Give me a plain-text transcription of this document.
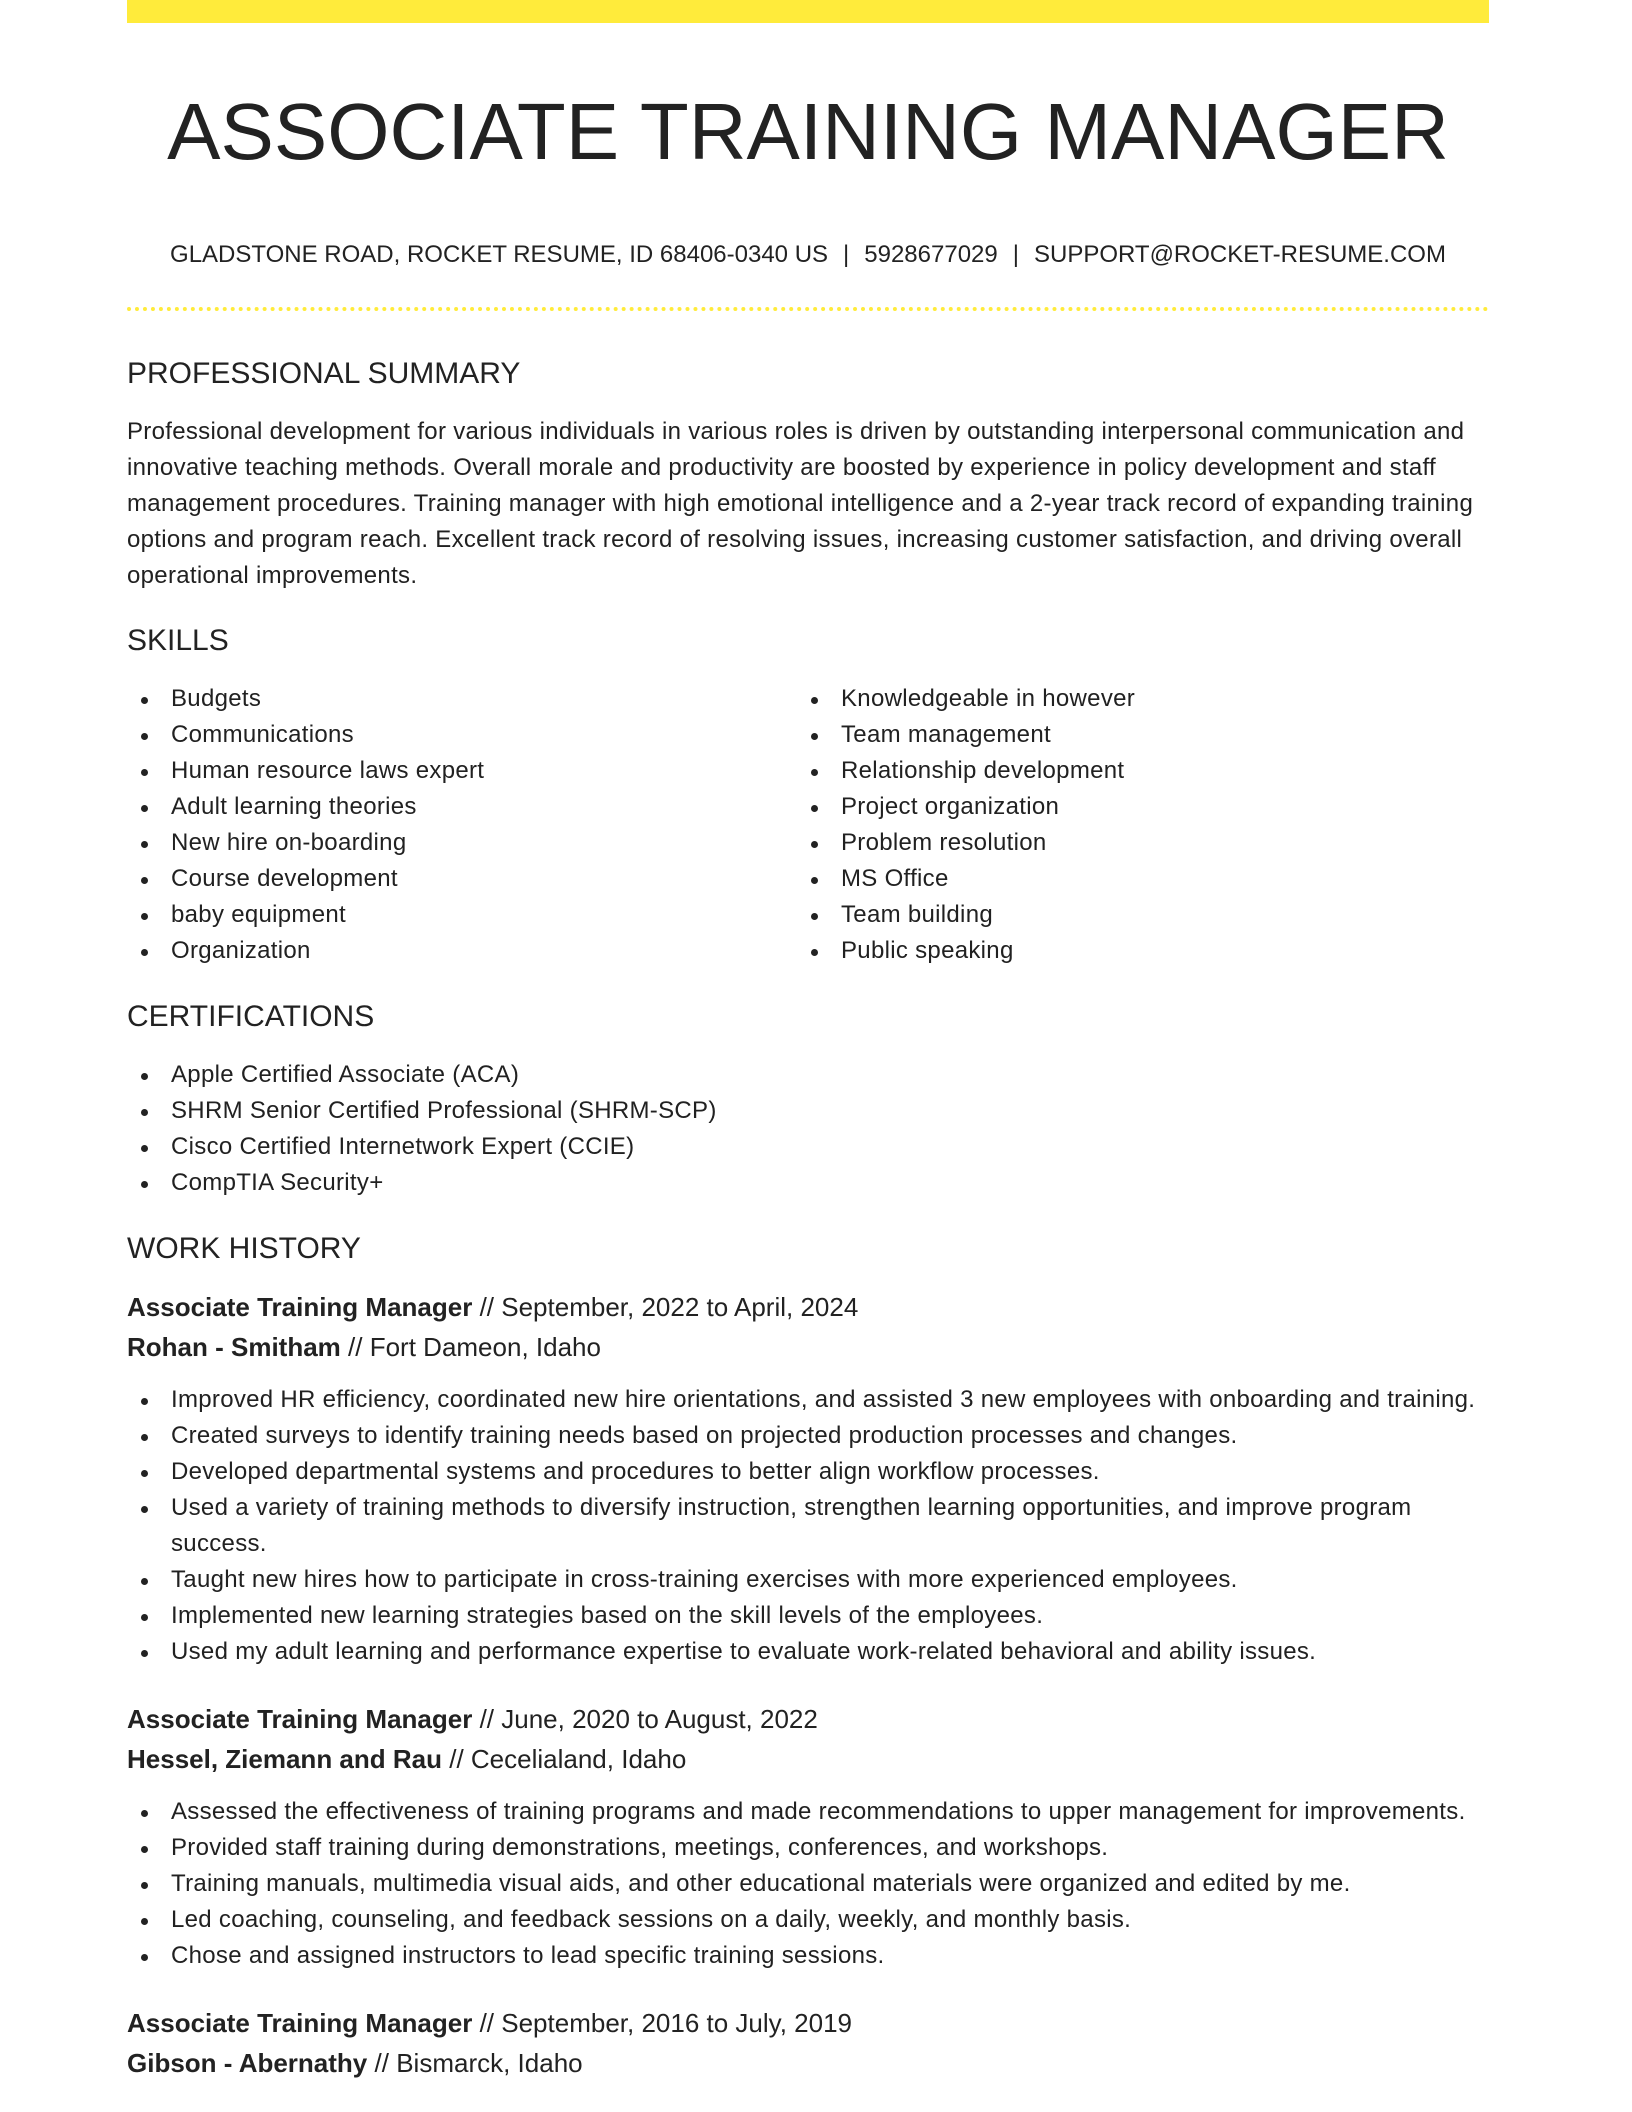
ASSOCIATE TRAINING MANAGER
GLADSTONE ROAD, ROCKET RESUME, ID 68406-0340 US | 5928677029 | SUPPORT@ROCKET-RESUME.COM
PROFESSIONAL SUMMARY

Professional development for various individuals in various roles is driven by outstanding interpersonal communication and innovative teaching methods. Overall morale and productivity are boosted by experience in policy development and staff management procedures. Training manager with high emotional intelligence and a 2-year track record of expanding training options and program reach. Excellent track record of resolving issues, increasing customer satisfaction, and driving overall operational improvements.

SKILLS
Budgets
Communications
Human resource laws expert
Adult learning theories
New hire on-boarding
Course development
baby equipment
Organization
Knowledgeable in however
Team management
Relationship development
Project organization
Problem resolution
MS Office
Team building
Public speaking
CERTIFICATIONS
Apple Certified Associate (ACA)
SHRM Senior Certified Professional (SHRM-SCP)
Cisco Certified Internetwork Expert (CCIE)
CompTIA Security+
WORK HISTORY
Associate Training Manager // September, 2022 to April, 2024
Rohan - Smitham // Fort Dameon, Idaho
Improved HR efficiency, coordinated new hire orientations, and assisted 3 new employees with onboarding and training.
Created surveys to identify training needs based on projected production processes and changes.
Developed departmental systems and procedures to better align workflow processes.
Used a variety of training methods to diversify instruction, strengthen learning opportunities, and improve program success.
Taught new hires how to participate in cross-training exercises with more experienced employees.
Implemented new learning strategies based on the skill levels of the employees.
Used my adult learning and performance expertise to evaluate work-related behavioral and ability issues.
Associate Training Manager // June, 2020 to August, 2022
Hessel, Ziemann and Rau // Cecelialand, Idaho
Assessed the effectiveness of training programs and made recommendations to upper management for improvements.
Provided staff training during demonstrations, meetings, conferences, and workshops.
Training manuals, multimedia visual aids, and other educational materials were organized and edited by me.
Led coaching, counseling, and feedback sessions on a daily, weekly, and monthly basis.
Chose and assigned instructors to lead specific training sessions.
Associate Training Manager // September, 2016 to July, 2019
Gibson - Abernathy // Bismarck, Idaho
